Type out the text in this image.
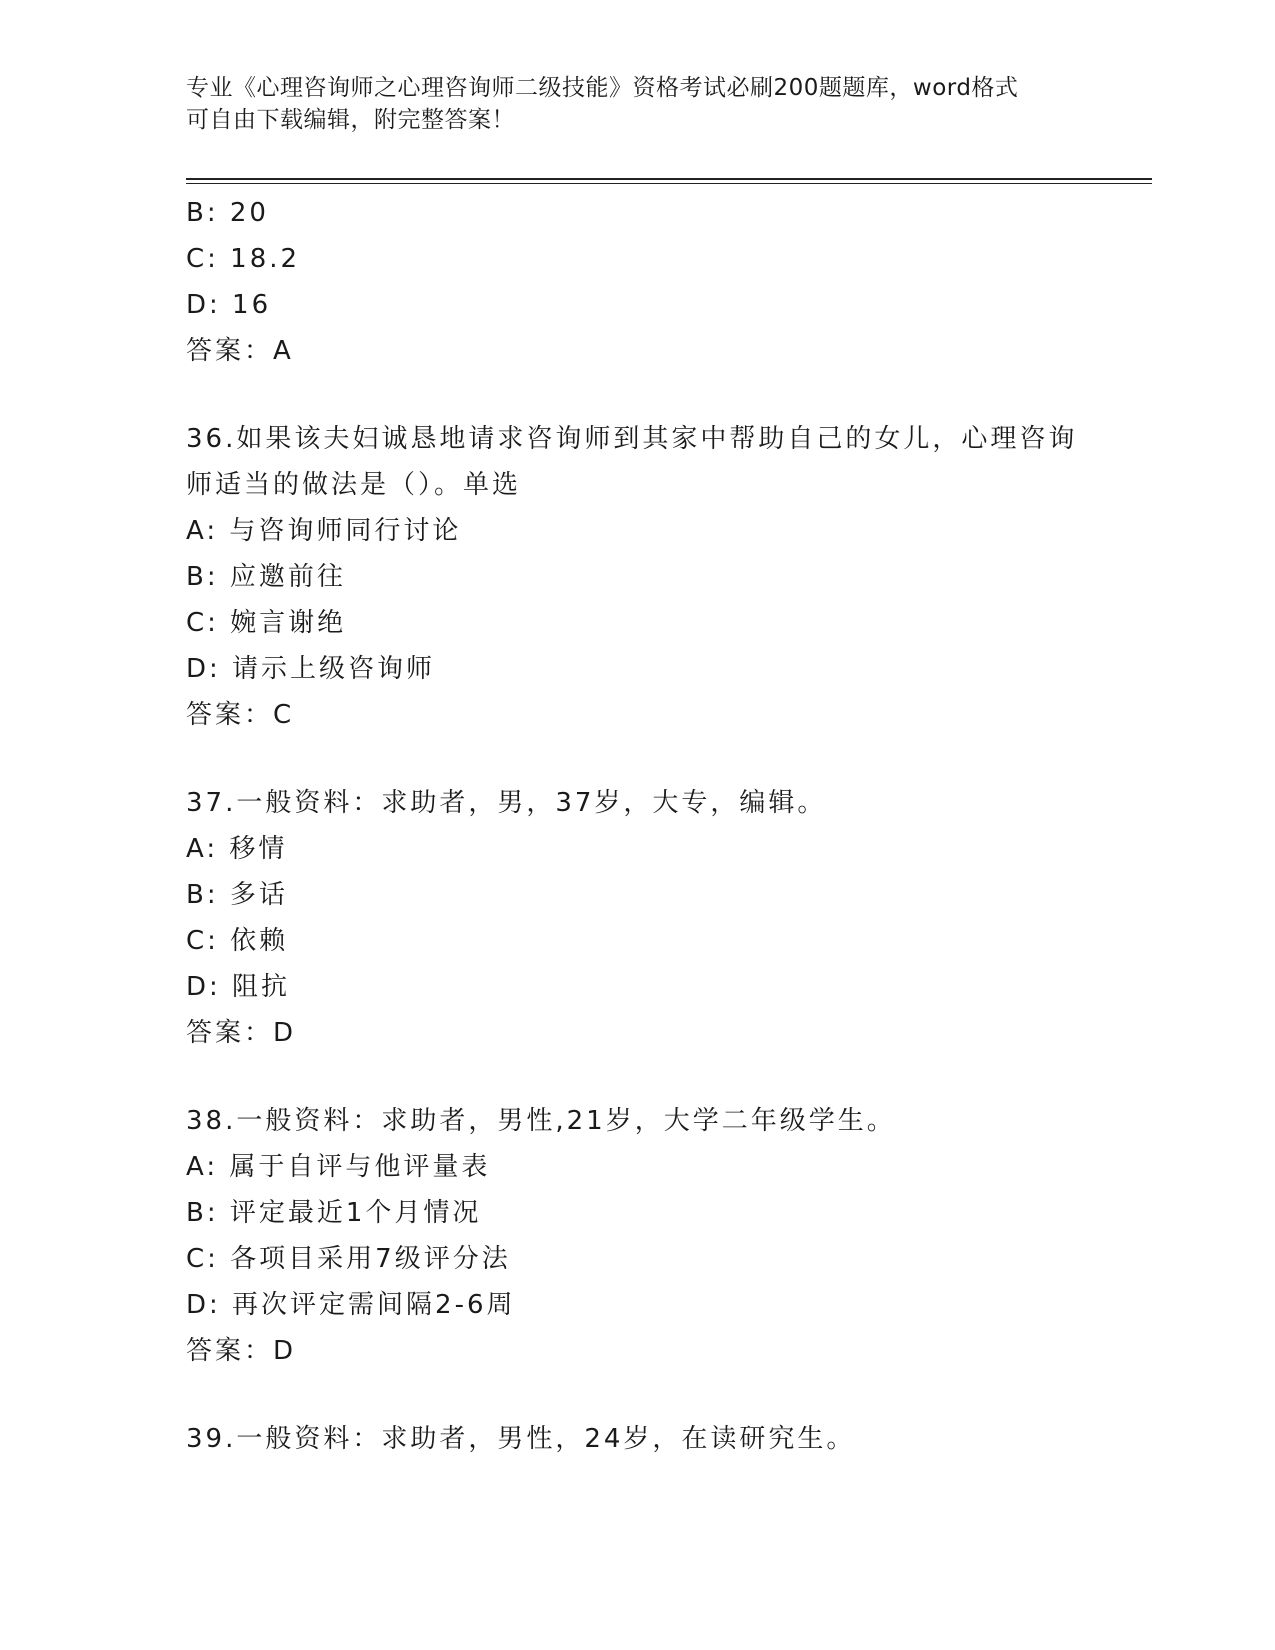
专业《心理咨询师之心理咨询师二级技能》资格考试必刷200题题库，word格式
可自由下载编辑，附完整答案！
B: 20
C: 18.2
D: 16
答案：A
36.如果该夫妇诚恳地请求咨询师到其家中帮助自己的女儿，心理咨询
师适当的做法是（）。单选
A: 与咨询师同行讨论
B: 应邀前往
C: 婉言谢绝
D: 请示上级咨询师
答案：C
37.一般资料：求助者，男，37岁，大专，编辑。
A: 移情
B: 多话
C: 依赖
D: 阻抗
答案：D
38.一般资料：求助者，男性,21岁，大学二年级学生。
A: 属于自评与他评量表
B: 评定最近1个月情况
C: 各项目采用7级评分法
D: 再次评定需间隔2-6周
答案：D
39.一般资料：求助者，男性，24岁，在读研究生。
